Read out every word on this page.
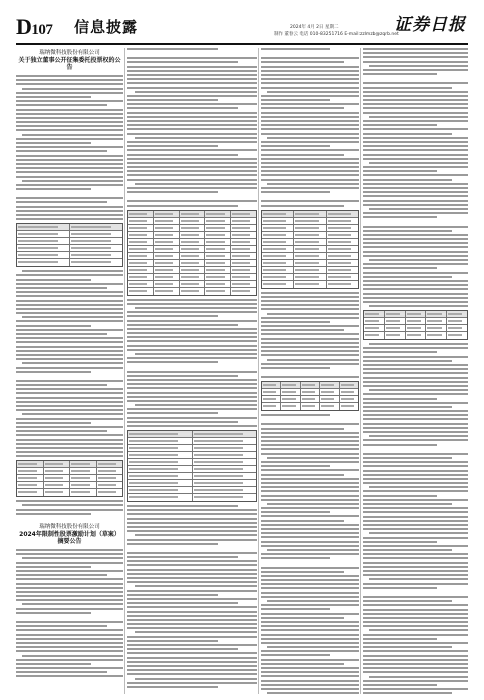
D107 信息披露	证券日报
2024年 4月 2日 星期二
制作 董春云 电话 010-83251716 E-mail:zzlmzb@zqrb.net
瑞纳微科技股份有限公司
关于独立董事公开征集委托投票权的公告
瑞纳微科技股份有限公司
2024年限制性股票激励计划（草案）
摘要公告
